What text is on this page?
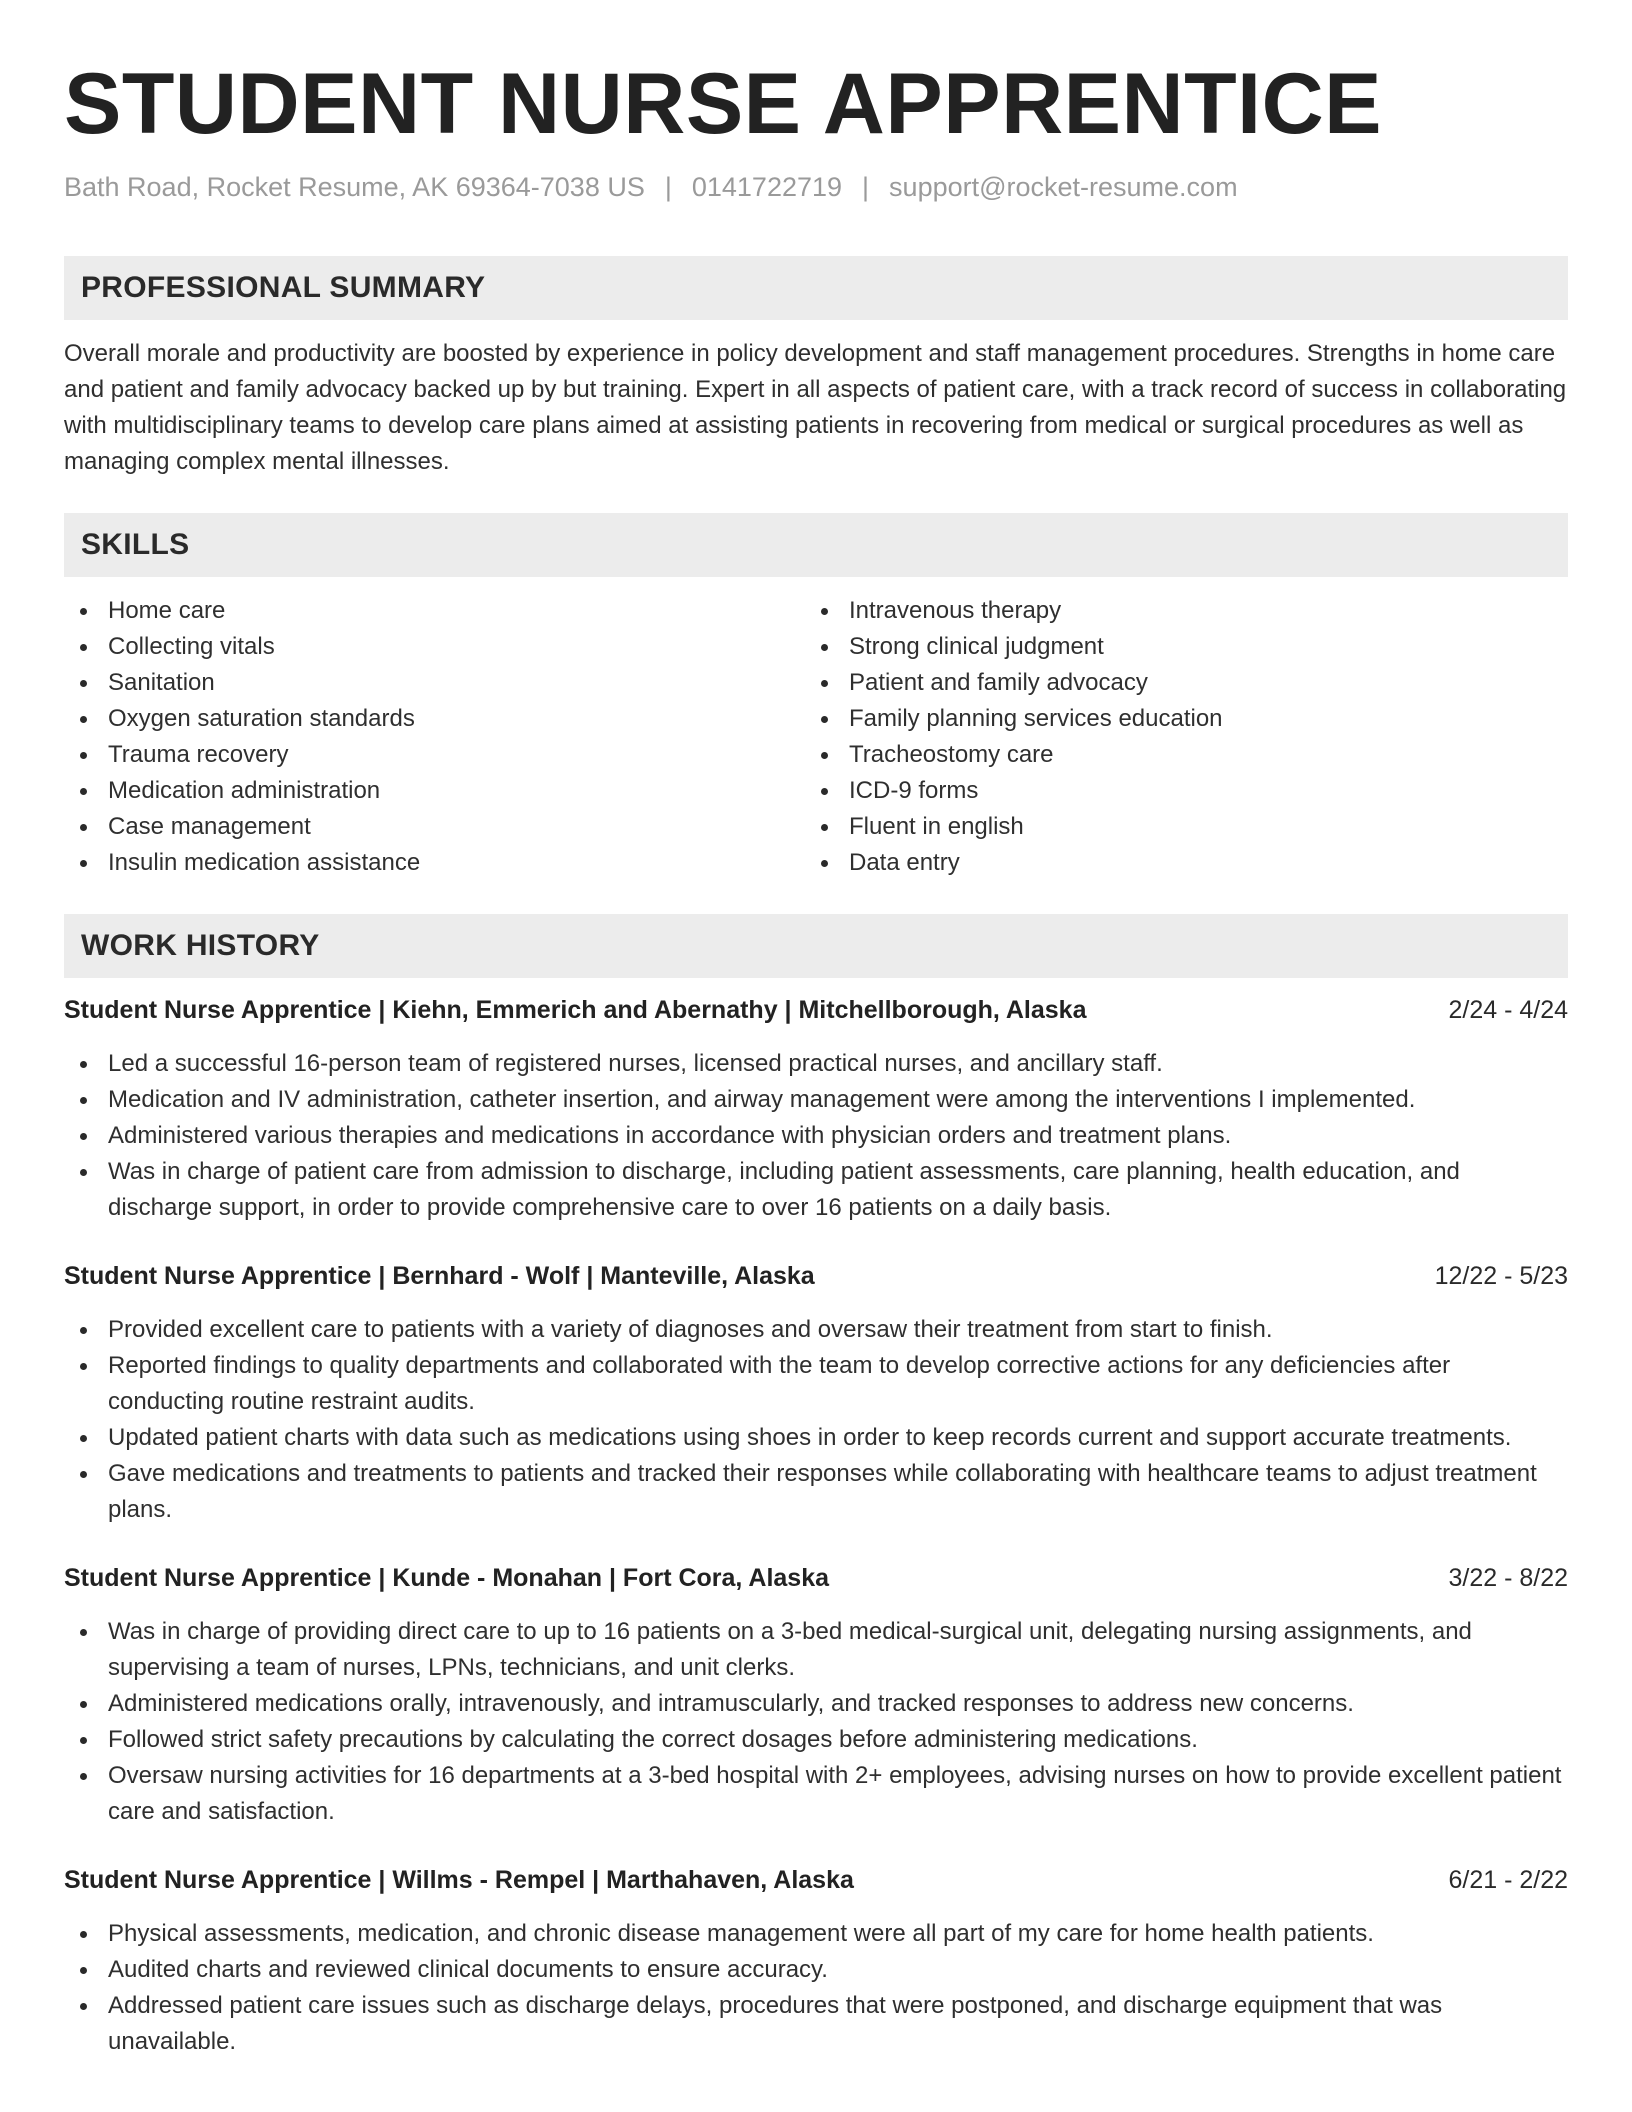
STUDENT NURSE APPRENTICE
Bath Road, Rocket Resume, AK 69364-7038 US | 0141722719 | support@rocket-resume.com
PROFESSIONAL SUMMARY

Overall morale and productivity are boosted by experience in policy development and staff management procedures. Strengths in home care and patient and family advocacy backed up by but training. Expert in all aspects of patient care, with a track record of success in collaborating with multidisciplinary teams to develop care plans aimed at assisting patients in recovering from medical or surgical procedures as well as managing complex mental illnesses.

SKILLS
Home care
Collecting vitals
Sanitation
Oxygen saturation standards
Trauma recovery
Medication administration
Case management
Insulin medication assistance
Intravenous therapy
Strong clinical judgment
Patient and family advocacy
Family planning services education
Tracheostomy care
ICD-9 forms
Fluent in english
Data entry
WORK HISTORY
Student Nurse Apprentice | Kiehn, Emmerich and Abernathy | Mitchellborough, Alaska	2/24 - 4/24
Led a successful 16-person team of registered nurses, licensed practical nurses, and ancillary staff.
Medication and IV administration, catheter insertion, and airway management were among the interventions I implemented.
Administered various therapies and medications in accordance with physician orders and treatment plans.
Was in charge of patient care from admission to discharge, including patient assessments, care planning, health education, and discharge support, in order to provide comprehensive care to over 16 patients on a daily basis.
Student Nurse Apprentice | Bernhard - Wolf | Manteville, Alaska	12/22 - 5/23
Provided excellent care to patients with a variety of diagnoses and oversaw their treatment from start to finish.
Reported findings to quality departments and collaborated with the team to develop corrective actions for any deficiencies after conducting routine restraint audits.
Updated patient charts with data such as medications using shoes in order to keep records current and support accurate treatments.
Gave medications and treatments to patients and tracked their responses while collaborating with healthcare teams to adjust treatment plans.
Student Nurse Apprentice | Kunde - Monahan | Fort Cora, Alaska	3/22 - 8/22
Was in charge of providing direct care to up to 16 patients on a 3-bed medical-surgical unit, delegating nursing assignments, and supervising a team of nurses, LPNs, technicians, and unit clerks.
Administered medications orally, intravenously, and intramuscularly, and tracked responses to address new concerns.
Followed strict safety precautions by calculating the correct dosages before administering medications.
Oversaw nursing activities for 16 departments at a 3-bed hospital with 2+ employees, advising nurses on how to provide excellent patient care and satisfaction.
Student Nurse Apprentice | Willms - Rempel | Marthahaven, Alaska	6/21 - 2/22
Physical assessments, medication, and chronic disease management were all part of my care for home health patients.
Audited charts and reviewed clinical documents to ensure accuracy.
Addressed patient care issues such as discharge delays, procedures that were postponed, and discharge equipment that was unavailable.
